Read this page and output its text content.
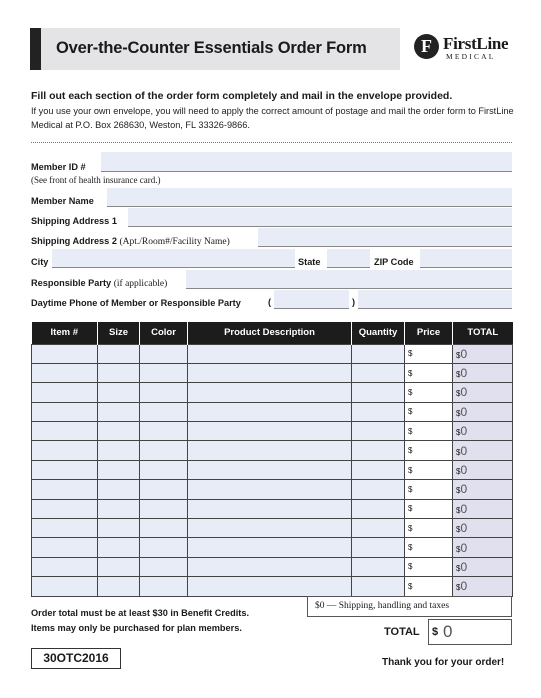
Over-the-Counter Essentials Order Form	F FirstLine
MEDICAL
Fill out each section of the order form completely and mail in the envelope provided.
If you use your own envelope, you will need to apply the correct amount of postage and mail the order form to FirstLine Medical at P.O. Box 268630, Weston, FL 33326-9866.
Member ID #
(See front of health insurance card.)
Member Name
Shipping Address 1
Shipping Address 2 (Apt./Room#/Facility Name)
City	State	ZIP Code
Responsible Party (if applicable)
Daytime Phone of Member or Responsible Party	(	)
Item #	Size	Color	Product Description	Quantity	Price	TOTAL
					$	$0
					$	$0
					$	$0
					$	$0
					$	$0
					$	$0
					$	$0
					$	$0
					$	$0
					$	$0
					$	$0
					$	$0
					$	$0
Order total must be at least $30 in Benefit Credits.
Items may only be purchased for plan members.
$0 — Shipping, handling and taxes
TOTAL $ 0
30OTC2016	Thank you for your order!
